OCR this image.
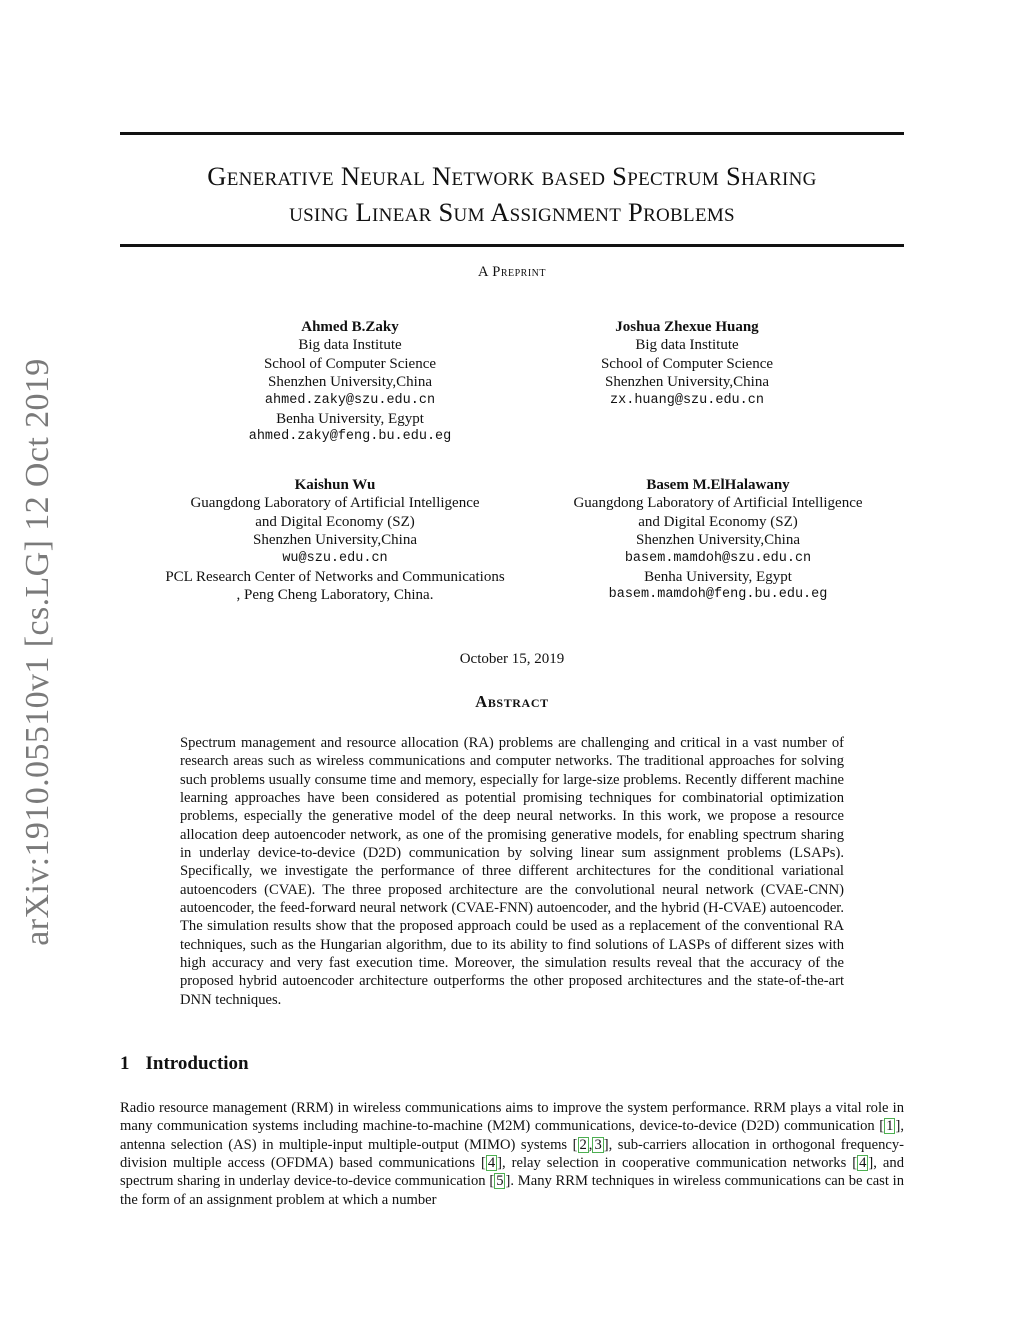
Generative Neural Network based Spectrum Sharing
using Linear Sum Assignment Problems
A Preprint
Ahmed B.Zaky
Big data Institute
School of Computer Science
Shenzhen University,China
ahmed.zaky@szu.edu.cn
Benha University, Egypt
ahmed.zaky@feng.bu.edu.eg
Joshua Zhexue Huang
Big data Institute
School of Computer Science
Shenzhen University,China
zx.huang@szu.edu.cn
Kaishun Wu
Guangdong Laboratory of Artificial Intelligence
and Digital Economy (SZ)
Shenzhen University,China
wu@szu.edu.cn
PCL Research Center of Networks and Communications
, Peng Cheng Laboratory, China.
Basem M.ElHalawany
Guangdong Laboratory of Artificial Intelligence
and Digital Economy (SZ)
Shenzhen University,China
basem.mamdoh@szu.edu.cn
Benha University, Egypt
basem.mamdoh@feng.bu.edu.eg
October 15, 2019
Abstract

Spectrum management and resource allocation (RA) problems are challenging and critical in a vast number of research areas such as wireless communications and computer networks. The traditional approaches for solving such problems usually consume time and memory, especially for large-size problems. Recently different machine learning approaches have been considered as potential promising techniques for combinatorial optimization problems, especially the generative model of the deep neural networks. In this work, we propose a resource allocation deep autoencoder network, as one of the promising generative models, for enabling spectrum sharing in underlay device-to-device (D2D) communication by solving linear sum assignment problems (LSAPs). Specifically, we investigate the performance of three different architectures for the conditional variational autoencoders (CVAE). The three proposed architecture are the convolutional neural network (CVAE-CNN) autoencoder, the feed-forward neural network (CVAE-FNN) autoencoder, and the hybrid (H-CVAE) autoencoder. The simulation results show that the proposed approach could be used as a replacement of the conventional RA techniques, such as the Hungarian algorithm, due to its ability to find solutions of LASPs of different sizes with high accuracy and very fast execution time. Moreover, the simulation results reveal that the accuracy of the proposed hybrid autoencoder architecture outperforms the other proposed architectures and the state-of-the-art DNN techniques.

1 Introduction

Radio resource management (RRM) in wireless communications aims to improve the system performance. RRM plays a vital role in many communication systems including machine-to-machine (M2M) communications, device-to-device (D2D) communication [ 1 ], antenna selection (AS) in multiple-input multiple-output (MIMO) systems [ 2 , 3 ], sub-carriers allocation in orthogonal frequency-division multiple access (OFDMA) based communications [ 4 ], relay selection in cooperative communication networks [ 4 ], and spectrum sharing in underlay device-to-device communication [ 5 ]. Many RRM techniques in wireless communications can be cast in the form of an assignment problem at which a number

arXiv:1910.05510v1 [cs.LG] 12 Oct 2019
